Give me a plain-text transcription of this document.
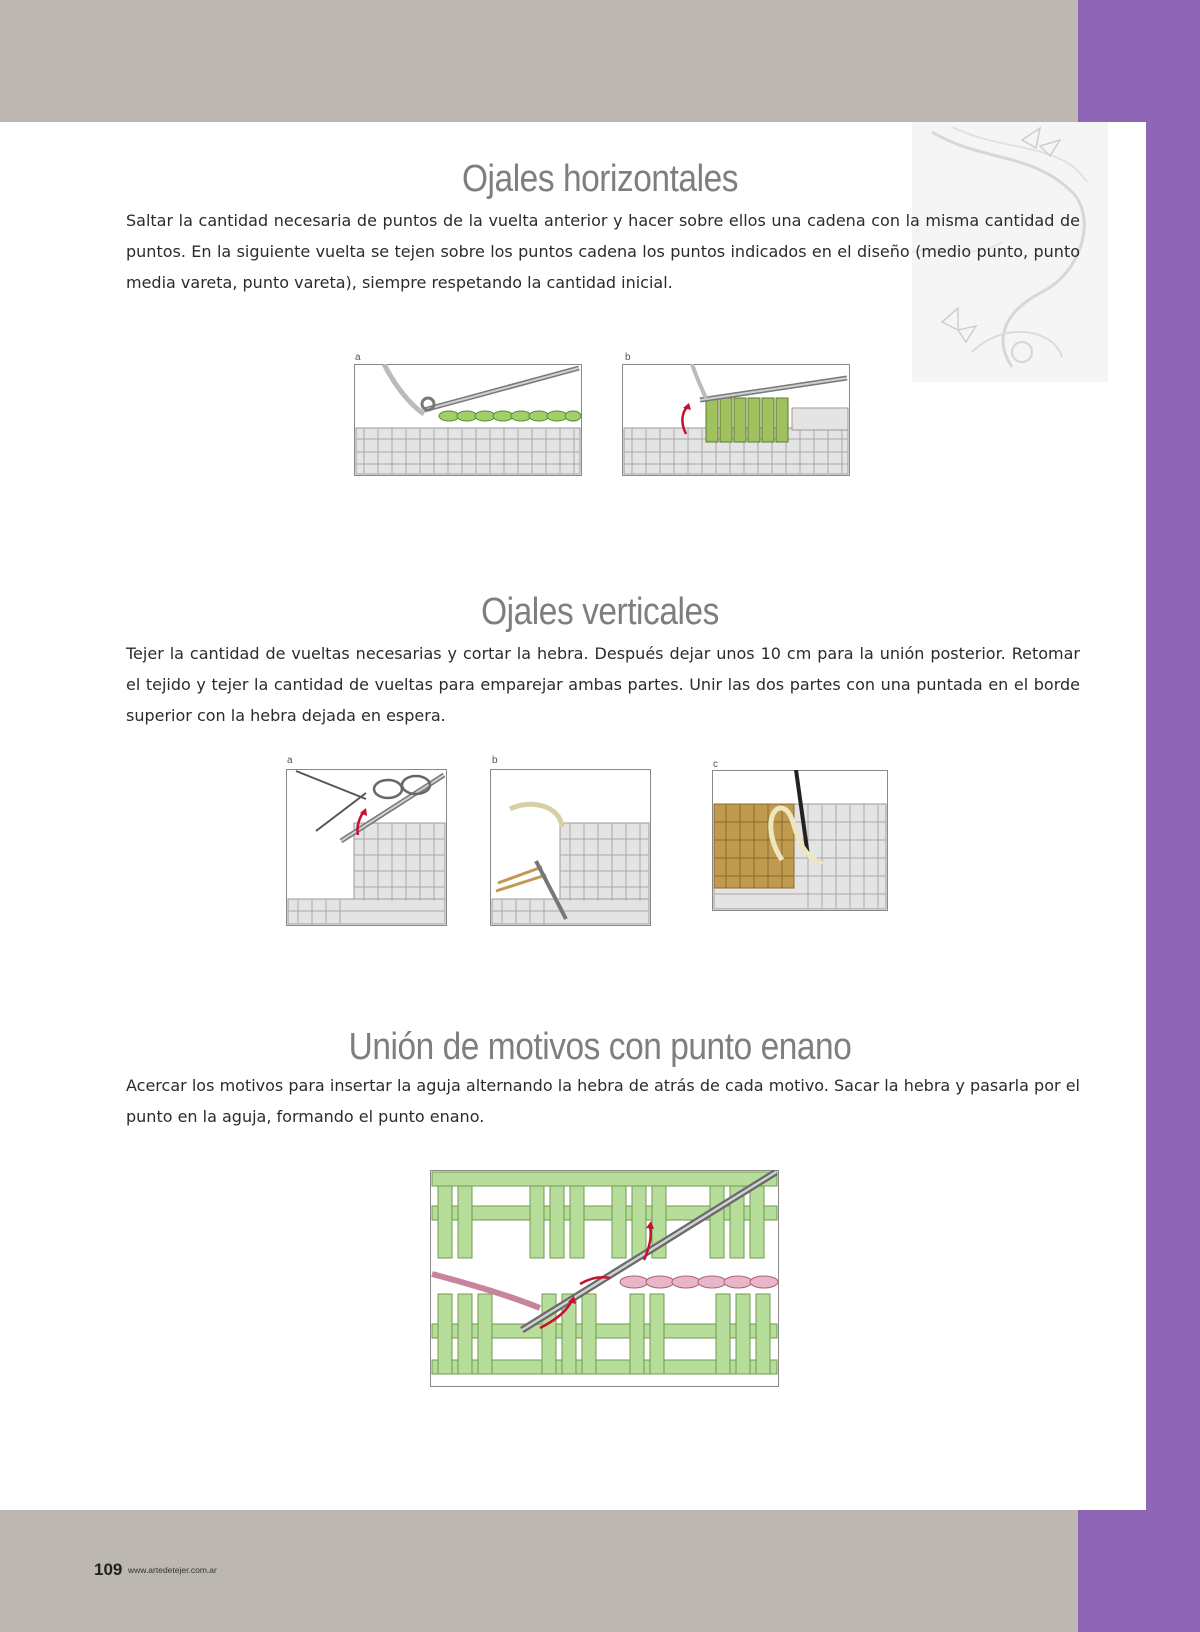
Ojales horizontales

Saltar la cantidad necesaria de puntos de la vuelta anterior y hacer sobre ellos una cadena con la misma cantidad de puntos. En la siguiente vuelta se tejen sobre los puntos cadena los puntos indicados en el diseño (medio punto, punto media vareta, punto vareta), siempre respetando la cantidad inicial.

a	b
Ojales verticales

Tejer la cantidad de vueltas necesarias y cortar la hebra. Después dejar unos 10 cm para la unión posterior. Retomar el tejido y tejer la cantidad de vueltas para emparejar ambas partes. Unir las dos partes con una puntada en el borde superior con la hebra dejada en espera.

a	b	c
Unión de motivos con punto enano

Acercar los motivos para insertar la aguja alternando la hebra de atrás de cada motivo. Sacar la hebra y pasarla por el punto en la aguja, formando el punto enano.

109 www.artedetejer.com.ar
